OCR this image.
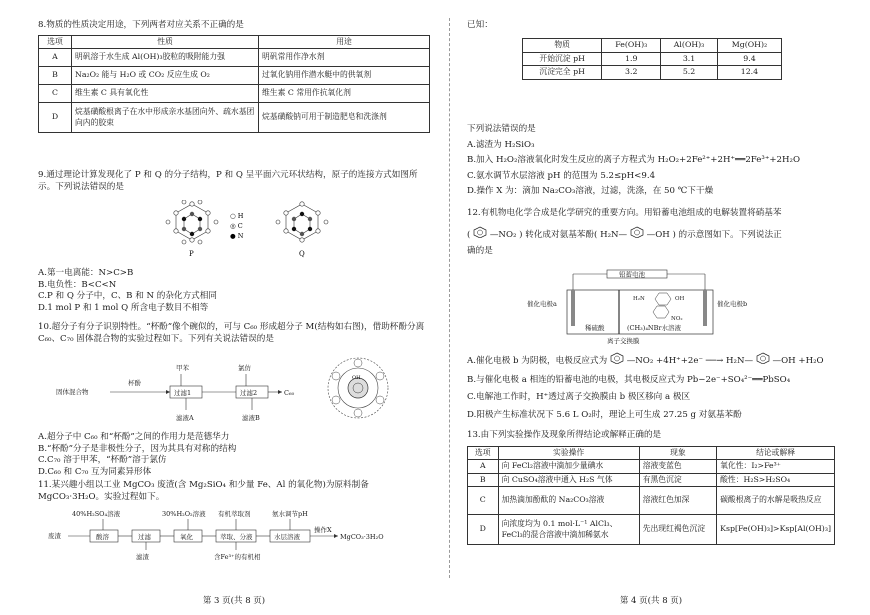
8.物质的性质决定用途，下列两者对应关系不正确的是

选项	性质	用途
A	明矾溶于水生成 Al(OH)₃胶粒的吸附能力强	明矾常用作净水剂
B	Na₂O₂ 能与 H₂O 或 CO₂ 反应生成 O₂	过氧化钠用作潜水艇中的供氧剂
C	维生素 C 具有氧化性	维生素 C 常用作抗氧化剂
D	烷基磺酸根离子在水中形成亲水基团向外、疏水基团向内的胶束	烷基磺酸钠可用于制造肥皂和洗涤剂

9.通过理论计算发现化了 P 和 Q 的分子结构，P 和 Q 呈平面六元环状结构，原子的连接方式如图所示。下列说法错误的是

P
○ H
◎ C
● N
Q

A.第一电离能：N>C>B

B.电负性：B<C<N

C.P 和 Q 分子中，C、B 和 N 的杂化方式相同

D.1 mol P 和 1 mol Q 所含电子数目不相等

10.超分子有分子识别特性。“杯酚”像个碗似的，可与 C₆₀ 形成超分子 M(结构如右图)，借助杯酚分离 C₆₀、C₇₀ 固体混合物的实验过程如下。下列有关说法错误的是

固体混合物
杯酚
甲苯
过滤1
滤液A
氯仿
过滤2
滤液B
C₆₀
OH

A.超分子中 C₆₀ 和“杯酚”之间的作用力是范德华力

B.“杯酚”分子是非极性分子，因为其具有对称的结构

C.C₇₀ 溶于甲苯，“杯酚”溶于氯仿

D.C₆₀ 和 C₇₀ 互为同素异形体

11.某兴趣小组以工业 MgCO₃ 废渣(含 Mg₂SiO₄ 和少量 Fe、Al 的氧化物)为原料制备 MgCO₃·3H₂O。实验过程如下。

废渣
40%H₂SO₄溶液
酸溶	过滤
滤渣
30%H₂O₂溶液
氧化
有机萃取剂
萃取、分液
含Fe³⁺的有机相
氨水调节pH
水层溶液
操作X
MgCO₃·3H₂O
第 3 页(共 8 页)
已知：
物质	Fe(OH)₃	Al(OH)₃	Mg(OH)₂
开始沉淀 pH	1.9	3.1	9.4
沉淀完全 pH	3.2	5.2	12.4

下列说法错误的是

A.滤渣为 H₂SiO₃

B.加入 H₂O₂溶液氧化时发生反应的离子方程式为 H₂O₂+2Fe²⁺+2H⁺══2Fe³⁺+2H₂O

C.氨水调节水层溶液 pH 的范围为 5.2≤pH<9.4

D.操作 X 为：滴加 Na₂CO₃溶液，过滤，洗涤，在 50 ℃下干燥

12.有机物电化学合成是化学研究的重要方向。用铅蓄电池组成的电解装置将硝基苯

( —NO₂ ) 转化成对氨基苯酚( H₂N— —OH ) 的示意图如下。下列说法正

确的是

铅蓄电池
催化电极a	催化电极b
稀硫酸	(CH₃)₄NBr水溶液
离子交换膜
H₂N	OH
NO₂

A.催化电极 b 为阴极，电极反应式为 —NO₂ +4H⁺+2e⁻ ──→ H₂N— —OH +H₂O

B.与催化电极 a 相连的铅蓄电池的电极，其电极反应式为 Pb−2e⁻+SO₄²⁻══PbSO₄

C.电解池工作时，H⁺透过离子交换膜由 b 极区移向 a 极区

D.阳极产生标准状况下 5.6 L O₂时，理论上可生成 27.25 g 对氨基苯酚

13.由下列实验操作及现象所得结论或解释正确的是

选项	实验操作	现象	结论或解释
A	向 FeCl₂溶液中滴加少量碘水	溶液变蓝色	氧化性：I₂>Fe³⁺
B	向 CuSO₄溶液中通入 H₂S 气体	有黑色沉淀	酸性：H₂S>H₂SO₄
C	加热滴加酚酞的 Na₂CO₃溶液	溶液红色加深	碳酸根离子的水解是吸热反应
D	向浓度均为 0.1 mol·L⁻¹ AlCl₃、FeCl₃的混合溶液中滴加稀氨水	先出现红褐色沉淀	Ksp[Fe(OH)₃]>Ksp[Al(OH)₃]
第 4 页(共 8 页)
